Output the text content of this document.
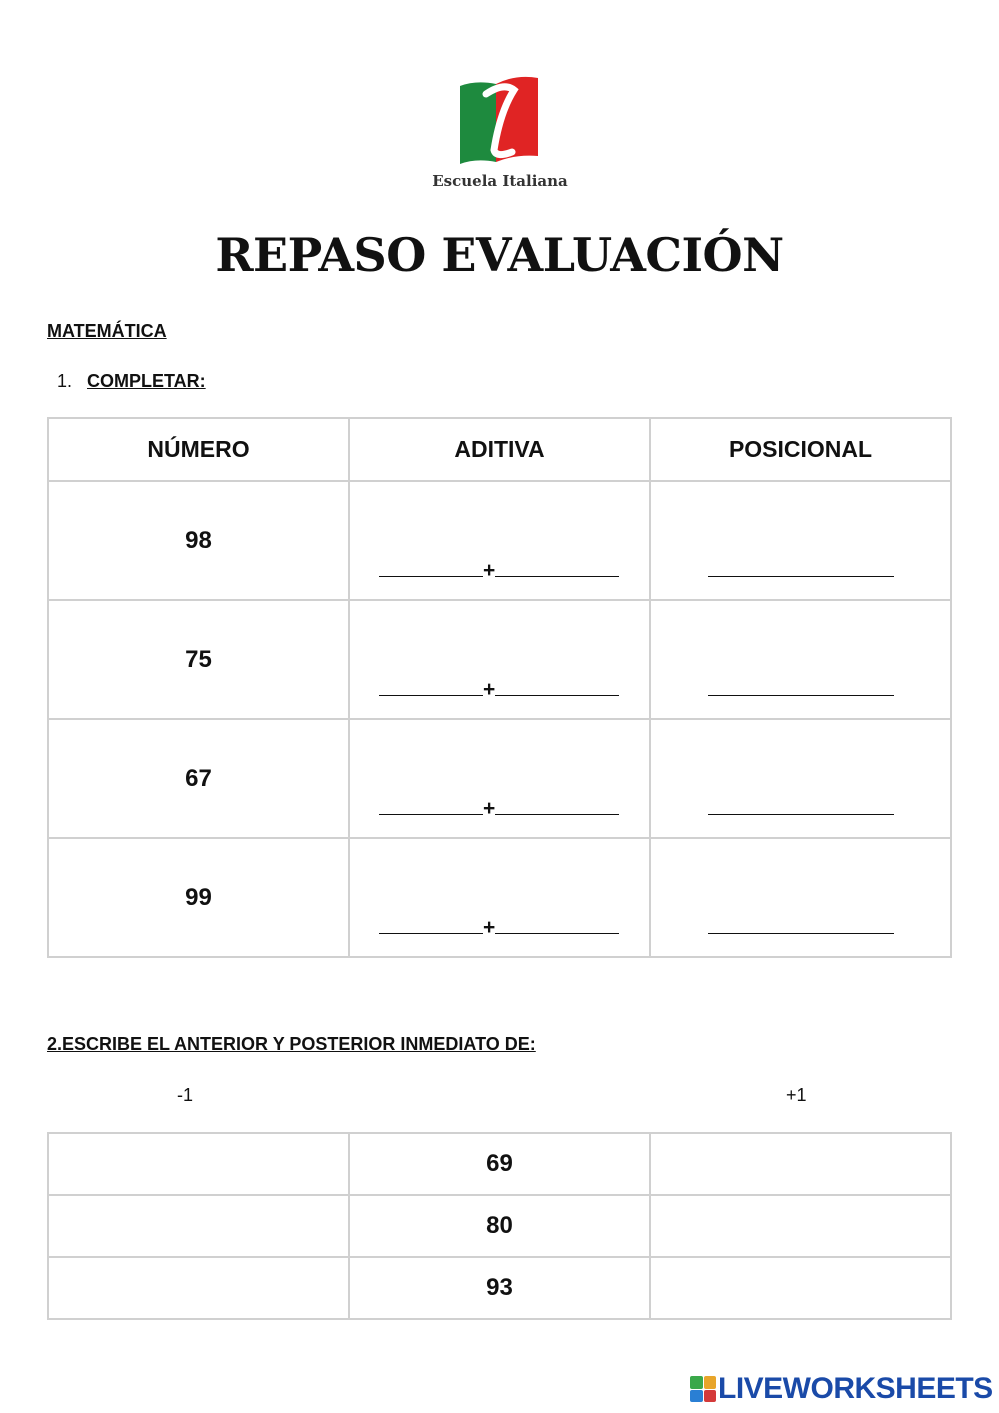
Escuela Italiana
REPASO EVALUACIÓN
MATEMÁTICA
1. COMPLETAR:
NÚMERO	ADITIVA	POSICIONAL
98	+	

75	+	

67	+	

99	+	

2.ESCRIBE EL ANTERIOR Y POSTERIOR INMEDIATO DE:
-1	+1
	69	
	80	
	93	
LIVEWORKSHEETS
